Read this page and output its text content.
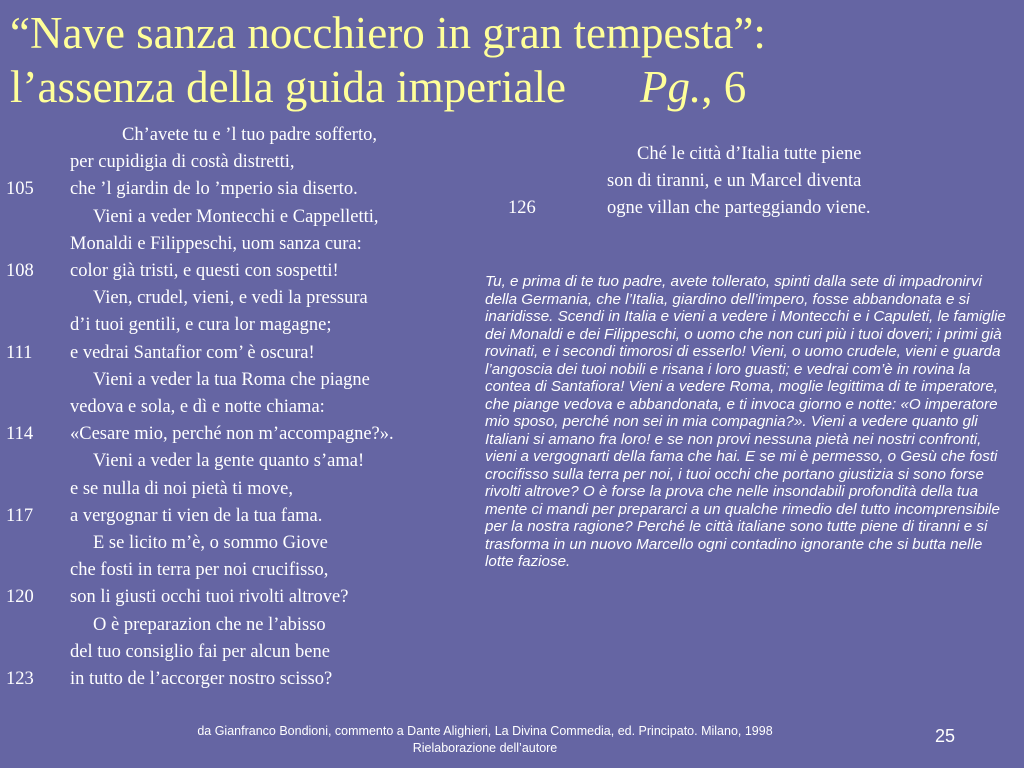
“Nave sanza nocchiero in gran tempesta”:
l’assenza della guida imperiale Pg., 6
Ch’avete tu e ’l tuo padre sofferto,
per cupidigia di costà distretti,
105	che ’l giardin de lo ’mperio sia diserto.
Vieni a veder Montecchi e Cappelletti,
Monaldi e Filippeschi, uom sanza cura:
108	color già tristi, e questi con sospetti!
Vien, crudel, vieni, e vedi la pressura
d’i tuoi gentili, e cura lor magagne;
111	e vedrai Santafior com’ è oscura!
Vieni a veder la tua Roma che piagne
vedova e sola, e dì e notte chiama:
114	«Cesare mio, perché non m’accompagne?».
Vieni a veder la gente quanto s’ama!
e se nulla di noi pietà ti move,
117	a vergognar ti vien de la tua fama.
E se licito m’è, o sommo Giove
che fosti in terra per noi crucifisso,
120	son li giusti occhi tuoi rivolti altrove?
O è preparazion che ne l’abisso
del tuo consiglio fai per alcun bene
123	in tutto de l’accorger nostro scisso?
Ché le città d’Italia tutte piene
son di tiranni, e un Marcel diventa
126	ogne villan che parteggiando viene.

Tu, e prima di te tuo padre, avete tollerato, spinti dalla sete di impadronirvi della Germania, che l’Italia, giardino dell’impero, fosse abbandonata e si inaridisse. Scendi in Italia e vieni a vedere i Montecchi e i Capuleti, le famiglie dei Monaldi e dei Filippeschi, o uomo che non curi più i tuoi doveri; i primi già rovinati, e i secondi timorosi di esserlo! Vieni, o uomo crudele, vieni e guarda l’angoscia dei tuoi nobili e risana i loro guasti; e vedrai com’è in rovina la contea di Santafiora! Vieni a vedere Roma, moglie legittima di te imperatore, che piange vedova e abbandonata, e ti invoca giorno e notte: «O imperatore mio sposo, perché non sei in mia compagnia?». Vieni a vedere quanto gli Italiani si amano fra loro! e se non provi nessuna pietà nei nostri confronti, vieni a vergognarti della fama che hai. E se mi è permesso, o Gesù che fosti crocifisso sulla terra per noi, i tuoi occhi che portano giustizia si sono forse rivolti altrove? O è forse la prova che nelle insondabili profondità della tua mente ci mandi per prepararci a un qualche rimedio del tutto incomprensibile per la nostra ragione? Perché le città italiane sono tutte piene di tiranni e si trasforma in un nuovo Marcello ogni contadino ignorante che si butta nelle lotte faziose.

da Gianfranco Bondioni, commento a Dante Alighieri, La Divina Commedia, ed. Principato. Milano, 1998
Rielaborazione dell’autore
25
